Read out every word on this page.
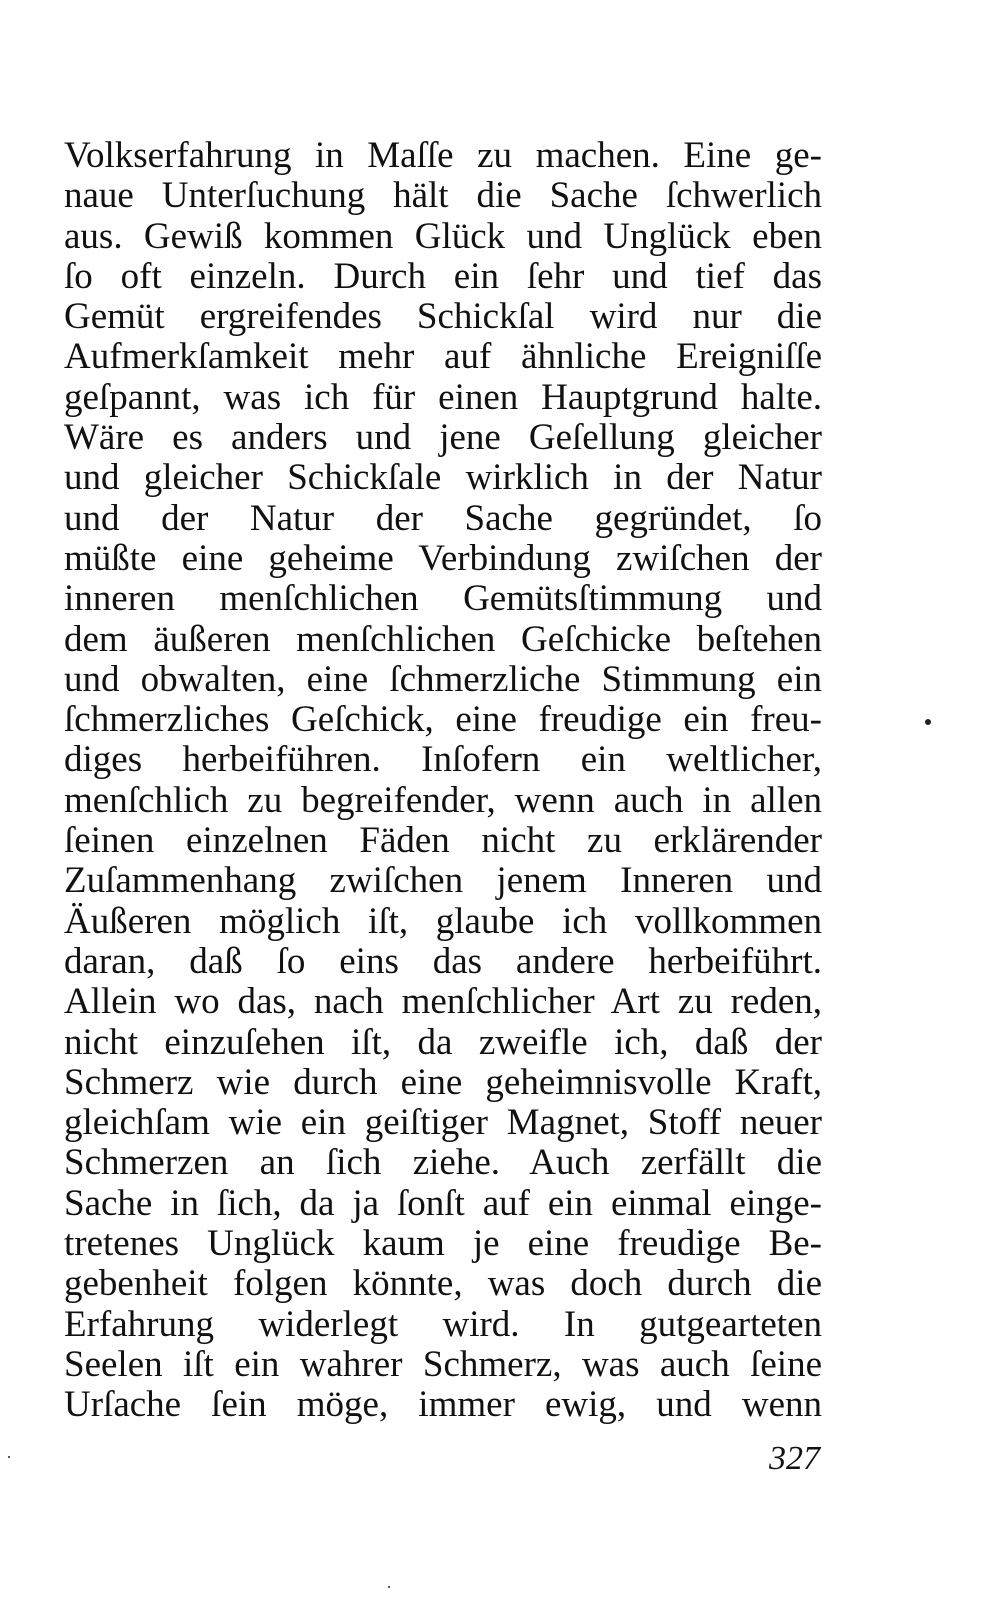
Volkserfahrung in Maſſe zu machen. Eine ge-
naue Unterſuchung hält die Sache ſchwerlich
aus. Gewiß kommen Glück und Unglück eben
ſo oft einzeln. Durch ein ſehr und tief das
Gemüt ergreifendes Schickſal wird nur die
Aufmerkſamkeit mehr auf ähnliche Ereigniſſe
geſpannt, was ich für einen Hauptgrund halte.
Wäre es anders und jene Geſellung gleicher
und gleicher Schickſale wirklich in der Natur
und der Natur der Sache gegründet, ſo
müßte eine geheime Verbindung zwiſchen der
inneren menſchlichen Gemütsſtimmung und
dem äußeren menſchlichen Geſchicke beſtehen
und obwalten, eine ſchmerzliche Stimmung ein
ſchmerzliches Geſchick, eine freudige ein freu-
diges herbeiführen. Inſofern ein weltlicher,
menſchlich zu begreifender, wenn auch in allen
ſeinen einzelnen Fäden nicht zu erklärender
Zuſammenhang zwiſchen jenem Inneren und
Äußeren möglich iſt, glaube ich vollkommen
daran, daß ſo eins das andere herbeiführt.
Allein wo das, nach menſchlicher Art zu reden,
nicht einzuſehen iſt, da zweifle ich, daß der
Schmerz wie durch eine geheimnisvolle Kraft,
gleichſam wie ein geiſtiger Magnet, Stoff neuer
Schmerzen an ſich ziehe. Auch zerfällt die
Sache in ſich, da ja ſonſt auf ein einmal einge-
tretenes Unglück kaum je eine freudige Be-
gebenheit folgen könnte, was doch durch die
Erfahrung widerlegt wird. In gutgearteten
Seelen iſt ein wahrer Schmerz, was auch ſeine
Urſache ſein möge, immer ewig, und wenn
327
